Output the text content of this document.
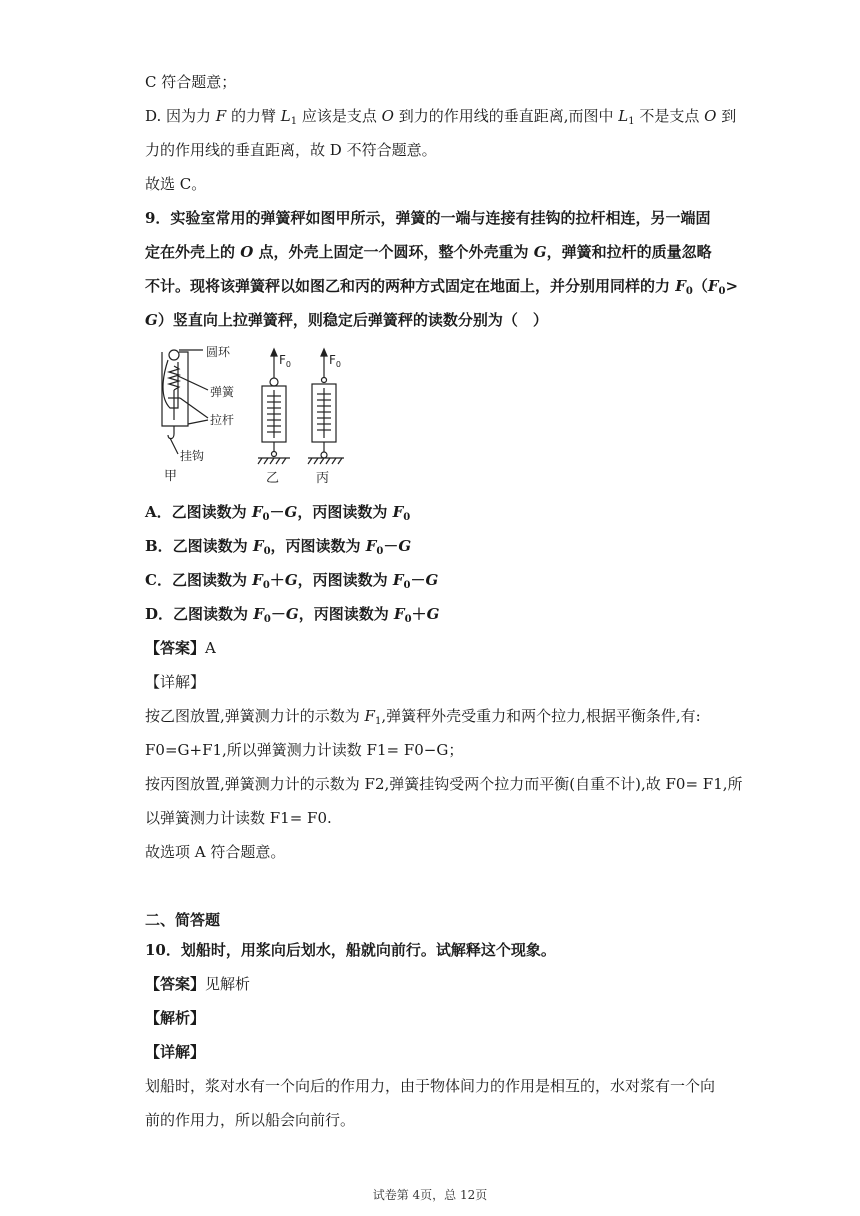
C 符合题意；
D. 因为力 F 的力臂 $L_1$ 应该是支点 O 到力的作用线的垂直距离,而图中 $L_1$ 不是支点 O 到
力的作用线的垂直距离，故 D 不符合题意。
故选 C。
9．实验室常用的弹簧秤如图甲所示，弹簧的一端与连接有挂钩的拉杆相连，另一端固
定在外壳上的 O 点，外壳上固定一个圆环，整个外壳重为 G，弹簧和拉杆的质量忽略
不计。现将该弹簧秤以如图乙和丙的两种方式固定在地面上，并分别用同样的力 $F_0(F_0>$
G）竖直向上拉弹簧秤，则稳定后弹簧秤的读数分别为（　）
圆环
弹簧
拉杆
挂钩
甲
$F_0$
乙
$F_0$
丙
A．乙图读数为 $F_0-G$，丙图读数为 $F_0$
B．乙图读数为 $F_0$，丙图读数为 $F_0-G$
C．乙图读数为 $F_0+G$，丙图读数为 $F_0-G$
D．乙图读数为 $F_0-G$，丙图读数为 $F_0+G$
【答案】A
【详解】
按乙图放置,弹簧测力计的示数为 $F_1$,弹簧秤外壳受重力和两个拉力,根据平衡条件,有:
F0=G+F1,所以弹簧测力计读数 F1= F0−G；
按丙图放置,弹簧测力计的示数为 F2,弹簧挂钩受两个拉力而平衡(自重不计),故 F0= F1,所
以弹簧测力计读数 F1= F0.
故选项 A 符合题意。
二、简答题
10．划船时，用浆向后划水，船就向前行。试解释这个现象。
【答案】见解析
【解析】
【详解】
划船时，浆对水有一个向后的作用力，由于物体间力的作用是相互的，水对浆有一个向
前的作用力，所以船会向前行。
试卷第 4页，总 12页
